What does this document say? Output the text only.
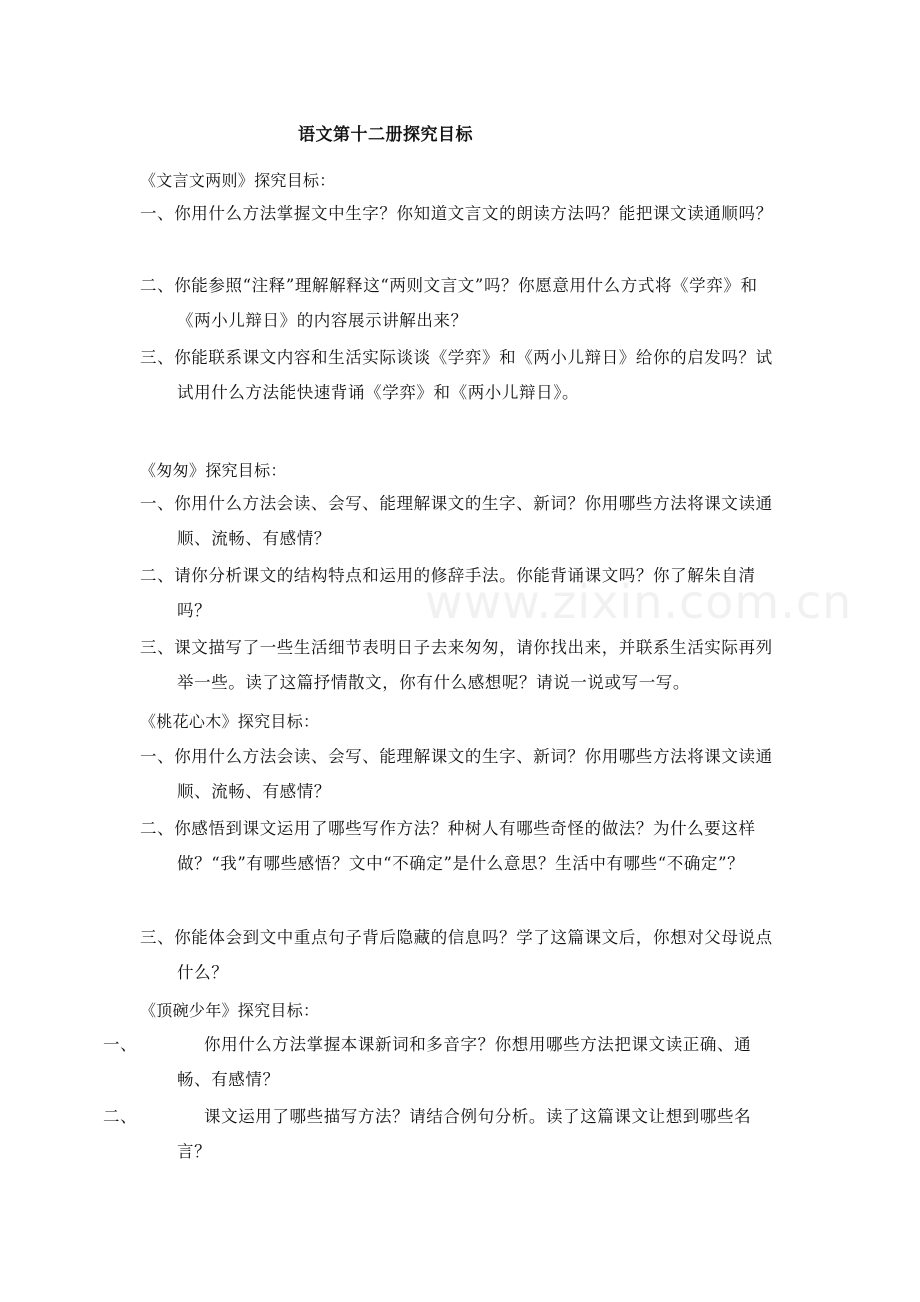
www.zixin.com.cn
语文第十二册探究目标
《文言文两则》探究目标：
一、你用什么方法掌握文中生字？你知道文言文的朗读方法吗？能把课文读通顺吗？
二、你能参照“注释”理解解释这“两则文言文”吗？你愿意用什么方式将《学弈》和《两小儿辩日》的内容展示讲解出来？
三、你能联系课文内容和生活实际谈谈《学弈》和《两小儿辩日》给你的启发吗？试试用什么方法能快速背诵《学弈》和《两小儿辩日》。
《匆匆》探究目标：
一、你用什么方法会读、会写、能理解课文的生字、新词？你用哪些方法将课文读通顺、流畅、有感情？
二、请你分析课文的结构特点和运用的修辞手法。你能背诵课文吗？你了解朱自清吗？
三、课文描写了一些生活细节表明日子去来匆匆，请你找出来，并联系生活实际再列举一些。读了这篇抒情散文，你有什么感想呢？请说一说或写一写。
《桃花心木》探究目标：
一、你用什么方法会读、会写、能理解课文的生字、新词？你用哪些方法将课文读通顺、流畅、有感情？
二、你感悟到课文运用了哪些写作方法？种树人有哪些奇怪的做法？为什么要这样做？“我”有哪些感悟？文中“不确定”是什么意思？生活中有哪些“不确定”？
三、你能体会到文中重点句子背后隐藏的信息吗？学了这篇课文后，你想对父母说点什么？
《顶碗少年》探究目标：
一、	你用什么方法掌握本课新词和多音字？你想用哪些方法把课文读正确、通畅、有感情？
二、	课文运用了哪些描写方法？请结合例句分析。读了这篇课文让想到哪些名言？
